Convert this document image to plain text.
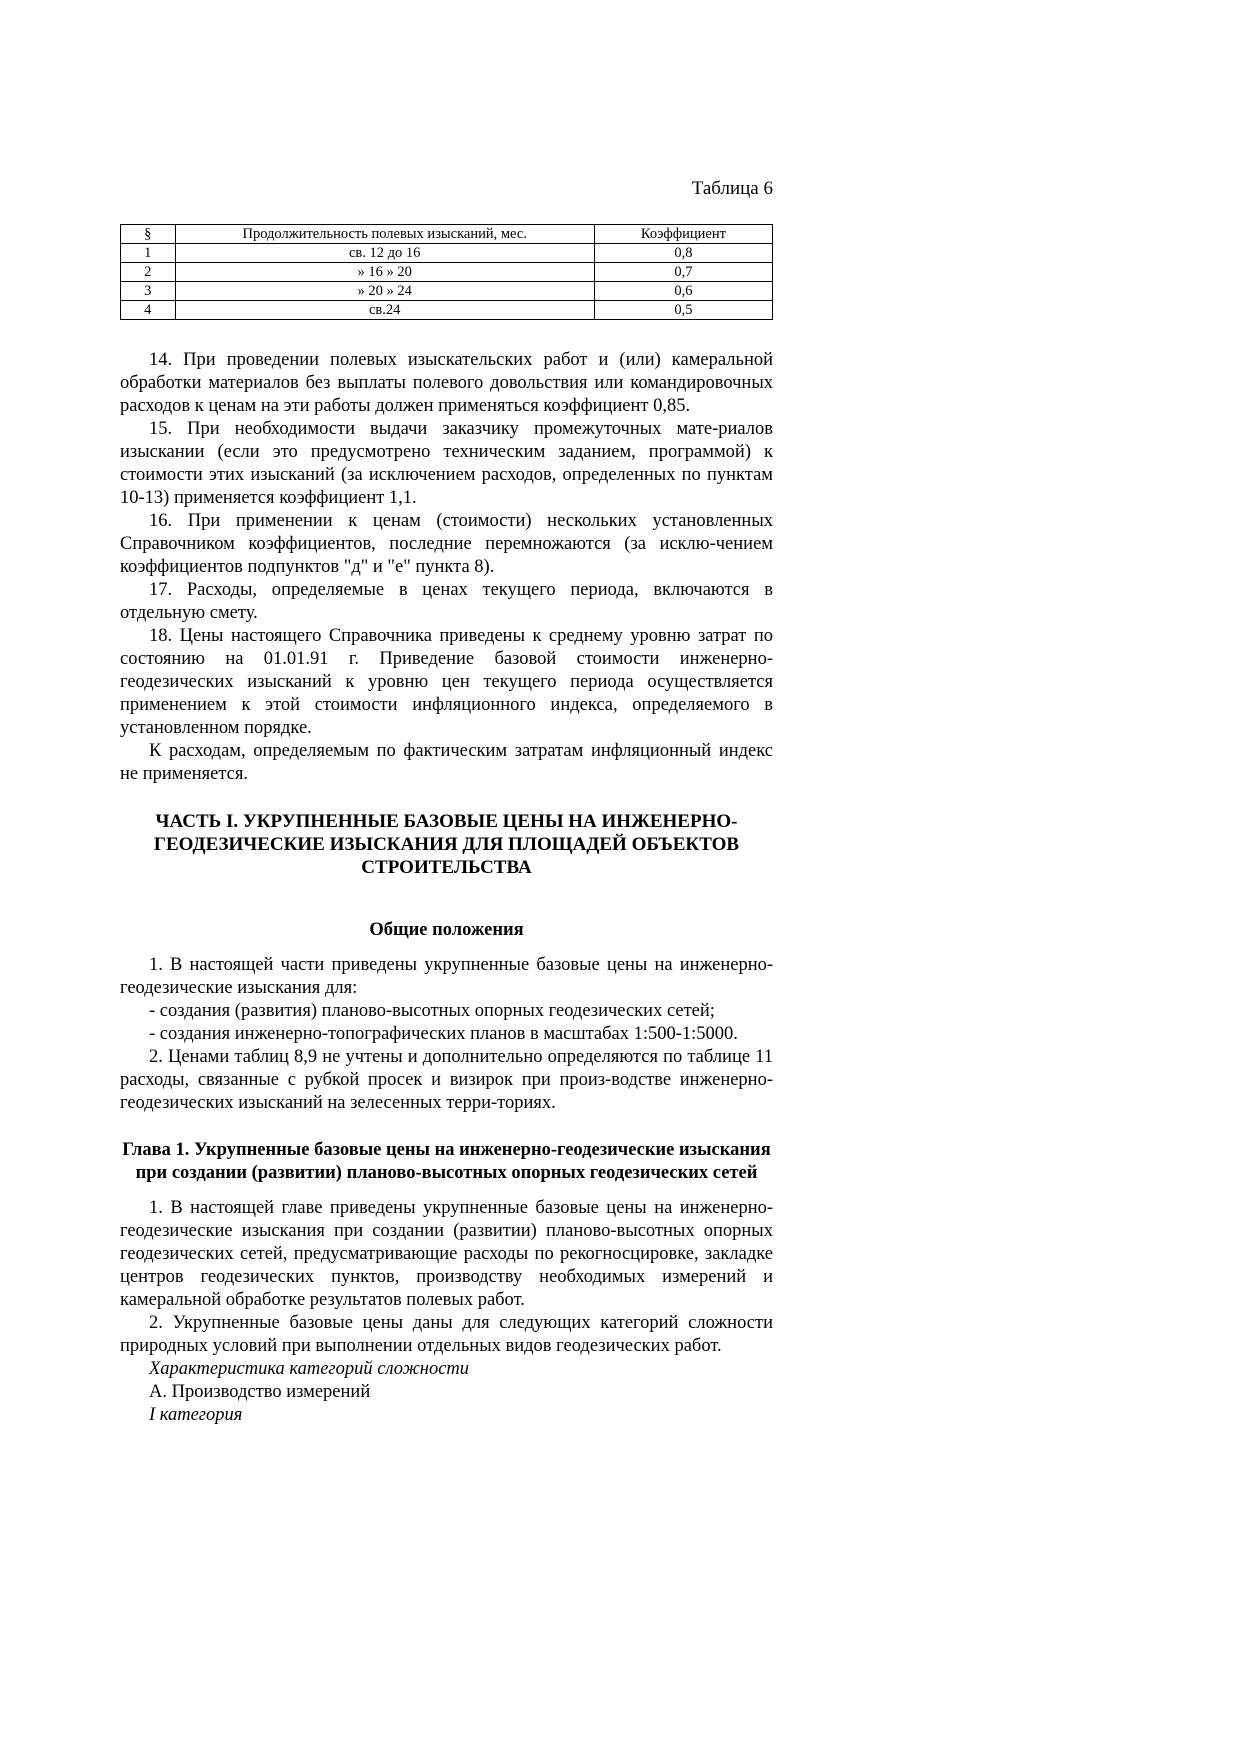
Таблица 6
§	Продолжительность полевых изысканий, мес.	Коэффициент
1	св. 12 до 16	0,8
2	» 16 » 20	0,7
3	» 20 » 24	0,6
4	св.24	0,5

14. При проведении полевых изыскательских работ и (или) камеральной обработки материалов без выплаты полевого довольствия или командировочных расходов к ценам на эти работы должен применяться коэффициент 0,85.

15. При необходимости выдачи заказчику промежуточных мате-риалов изыскании (если это предусмотрено техническим заданием, программой) к стоимости этих изысканий (за исключением расходов, определенных по пунктам 10-13) применяется коэффициент 1,1.

16. При применении к ценам (стоимости) нескольких установленных Справочником коэффициентов, последние перемножаются (за исклю-чением коэффициентов подпунктов "д" и "е" пункта 8).

17. Расходы, определяемые в ценах текущего периода, включаются в отдельную смету.

18. Цены настоящего Справочника приведены к среднему уровню затрат по состоянию на 01.01.91 г. Приведение базовой стоимости инженерно-геодезических изысканий к уровню цен текущего периода осуществляется применением к этой стоимости инфляционного индекса, определяемого в установленном порядке.

К расходам, определяемым по фактическим затратам инфляционный индекс не применяется.

ЧАСТЬ I. УКРУПНЕННЫЕ БАЗОВЫЕ ЦЕНЫ НА ИНЖЕНЕРНО-ГЕОДЕЗИЧЕСКИЕ ИЗЫСКАНИЯ ДЛЯ ПЛОЩАДЕЙ ОБЪЕКТОВ СТРОИТЕЛЬСТВА

Общие положения

1. В настоящей части приведены укрупненные базовые цены на инженерно-геодезические изыскания для:

- создания (развития) планово-высотных опорных геодезических сетей;

- создания инженерно-топографических планов в масштабах 1:500-1:5000.

2. Ценами таблиц 8,9 не учтены и дополнительно определяются по таблице 11 расходы, связанные с рубкой просек и визирок при произ-водстве инженерно-геодезических изысканий на зелесенных терри-ториях.

Глава 1. Укрупненные базовые цены на инженерно-геодезические изыскания при создании (развитии) планово-высотных опорных геодезических сетей

1. В настоящей главе приведены укрупненные базовые цены на инженерно-геодезические изыскания при создании (развитии) планово-высотных опорных геодезических сетей, предусматривающие расходы по рекогносцировке, закладке центров геодезических пунктов, производству необходимых измерений и камеральной обработке результатов полевых работ.

2. Укрупненные базовые цены даны для следующих категорий сложности природных условий при выполнении отдельных видов геодезических работ.

Характеристика категорий сложности

А. Производство измерений

I категория
